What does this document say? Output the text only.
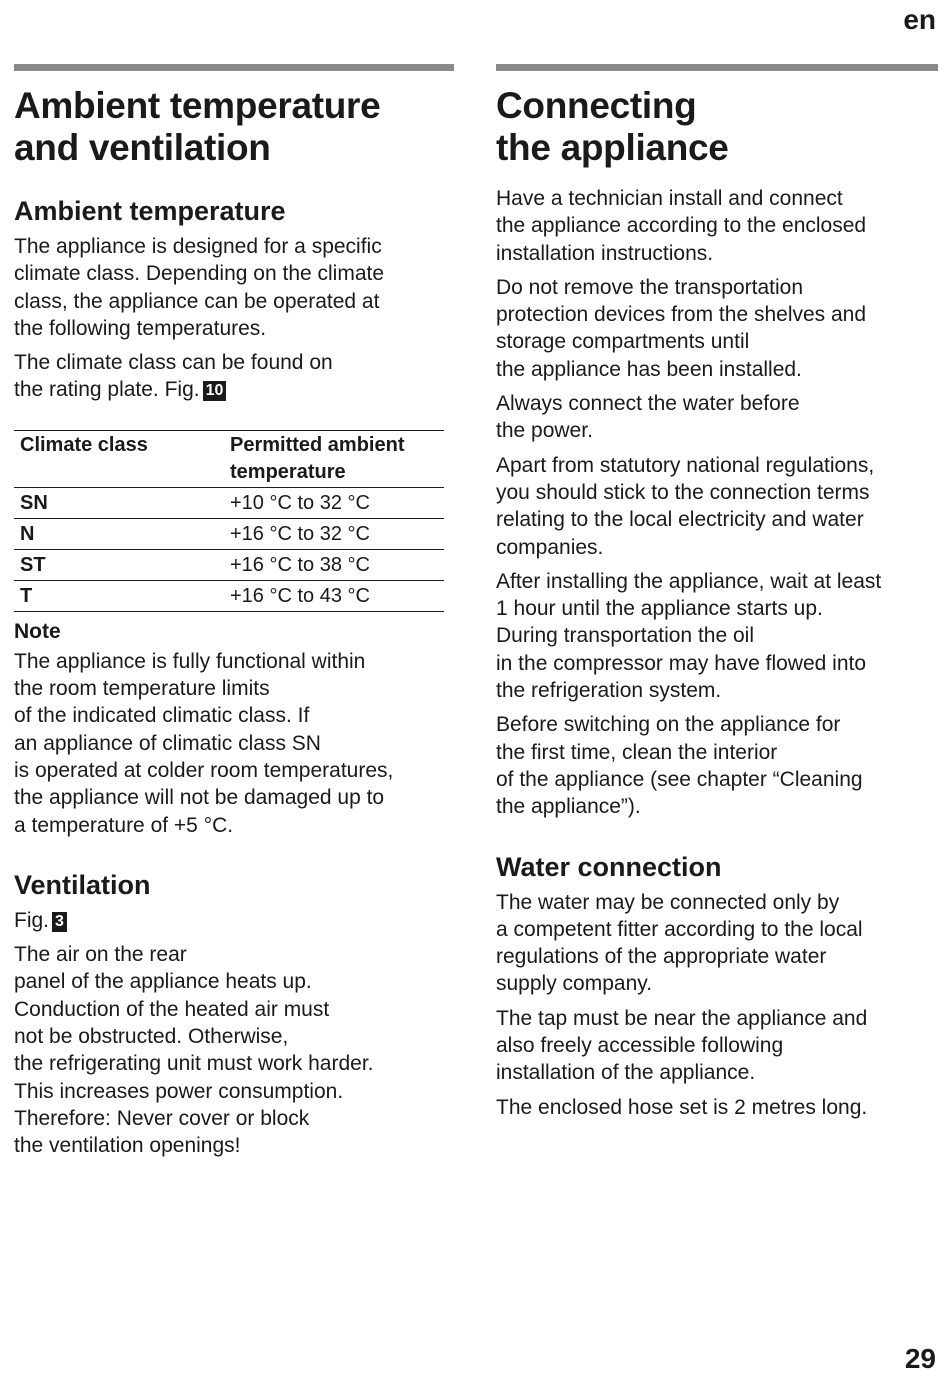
en
Ambient temperature
and ventilation
Ambient temperature

The appliance is designed for a specific
climate class. Depending on the climate
class, the appliance can be operated at
the following temperatures.

The climate class can be found on
the rating plate. Fig. 10

Climate class	Permitted ambient
temperature
SN	+10 °C to 32 °C
N	+16 °C to 32 °C
ST	+16 °C to 38 °C
T	+16 °C to 43 °C
Note

The appliance is fully functional within
the room temperature limits
of the indicated climatic class. If
an appliance of climatic class SN
is operated at colder room temperatures,
the appliance will not be damaged up to
a temperature of +5 °C.

Ventilation

Fig. 3

The air on the rear
panel of the appliance heats up.
Conduction of the heated air must
not be obstructed. Otherwise,
the refrigerating unit must work harder.
This increases power consumption.
Therefore: Never cover or block
the ventilation openings!

Connecting
the appliance

Have a technician install and connect
the appliance according to the enclosed
installation instructions.

Do not remove the transportation
protection devices from the shelves and
storage compartments until
the appliance has been installed.

Always connect the water before
the power.

Apart from statutory national regulations,
you should stick to the connection terms
relating to the local electricity and water
companies.

After installing the appliance, wait at least
1 hour until the appliance starts up.
During transportation the oil
in the compressor may have flowed into
the refrigeration system.

Before switching on the appliance for
the first time, clean the interior
of the appliance (see chapter “Cleaning
the appliance”).

Water connection

The water may be connected only by
a competent fitter according to the local
regulations of the appropriate water
supply company.

The tap must be near the appliance and
also freely accessible following
installation of the appliance.

The enclosed hose set is 2 metres long.

29
